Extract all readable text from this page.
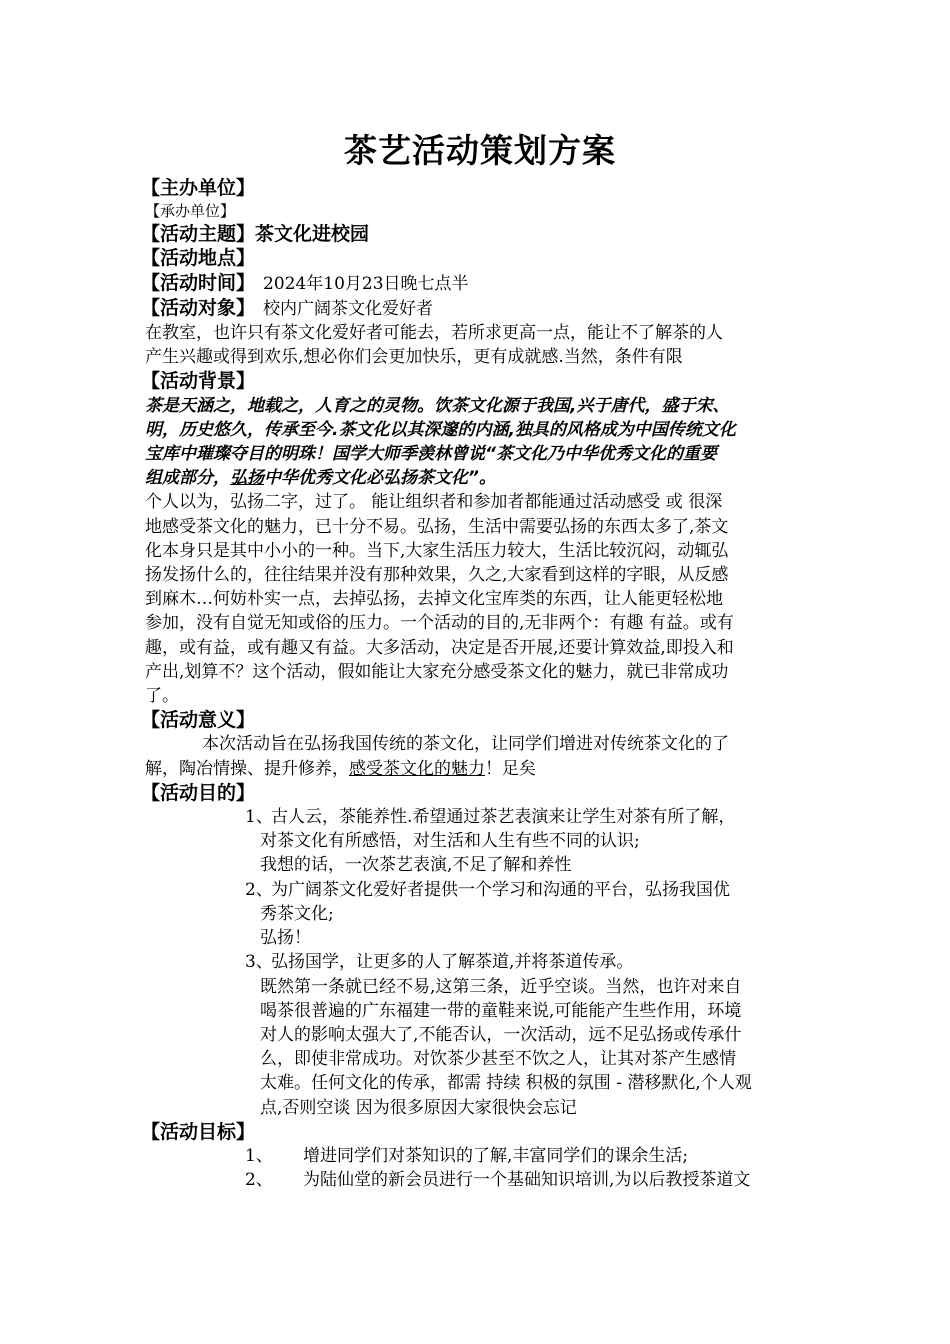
茶艺活动策划方案
【主办单位】
【承办单位】
【活动主题】茶文化进校园
【活动地点】
【活动时间】 2024年10月23日晚七点半
【活动对象】 校内广阔茶文化爱好者
在教室，也许只有茶文化爱好者可能去，若所求更高一点，能让不了解茶的人
产生兴趣或得到欢乐,想必你们会更加快乐，更有成就感.当然，条件有限
【活动背景】
茶是天涵之，地载之，人育之的灵物。饮茶文化源于我国,兴于唐代，盛于宋、
明，历史悠久，传承至今.茶文化以其深邃的内涵,独具的风格成为中国传统文化
宝库中璀璨夺目的明珠！国学大师季羡林曾说“茶文化乃中华优秀文化的重要
组成部分，弘扬中华优秀文化必弘扬茶文化”。
个人以为，弘扬二字，过了。 能让组织者和参加者都能通过活动感受 或 很深
地感受茶文化的魅力，已十分不易。弘扬，生活中需要弘扬的东西太多了,茶文
化本身只是其中小小的一种。当下,大家生活压力较大，生活比较沉闷，动辄弘
扬发扬什么的，往往结果并没有那种效果，久之,大家看到这样的字眼，从反感
到麻木…何妨朴实一点，去掉弘扬，去掉文化宝库类的东西，让人能更轻松地
参加，没有自觉无知或俗的压力。一个活动的目的,无非两个：有趣 有益。或有
趣，或有益，或有趣又有益。大多活动，决定是否开展,还要计算效益,即投入和
产出,划算不？这个活动，假如能让大家充分感受茶文化的魅力，就已非常成功
了。
【活动意义】
本次活动旨在弘扬我国传统的茶文化，让同学们增进对传统茶文化的了
解，陶冶情操、提升修养，感受茶文化的魅力！足矣
【活动目的】
1、古人云，茶能养性.希望通过茶艺表演来让学生对茶有所了解，
对茶文化有所感悟，对生活和人生有些不同的认识;
我想的话，一次茶艺表演,不足了解和养性
2、为广阔茶文化爱好者提供一个学习和沟通的平台，弘扬我国优
秀茶文化;
弘扬！
3、弘扬国学，让更多的人了解茶道,并将茶道传承。
既然第一条就已经不易,这第三条，近乎空谈。当然，也许对来自
喝茶很普遍的广东福建一带的童鞋来说,可能能产生些作用，环境
对人的影响太强大了,不能否认，一次活动，远不足弘扬或传承什
么，即使非常成功。对饮茶少甚至不饮之人，让其对茶产生感情
太难。任何文化的传承，都需 持续 积极的氛围 - 潜移默化,个人观
点,否则空谈 因为很多原因大家很快会忘记
【活动目标】
1、 增进同学们对茶知识的了解,丰富同学们的课余生活;
2、 为陆仙堂的新会员进行一个基础知识培训,为以后教授茶道文
